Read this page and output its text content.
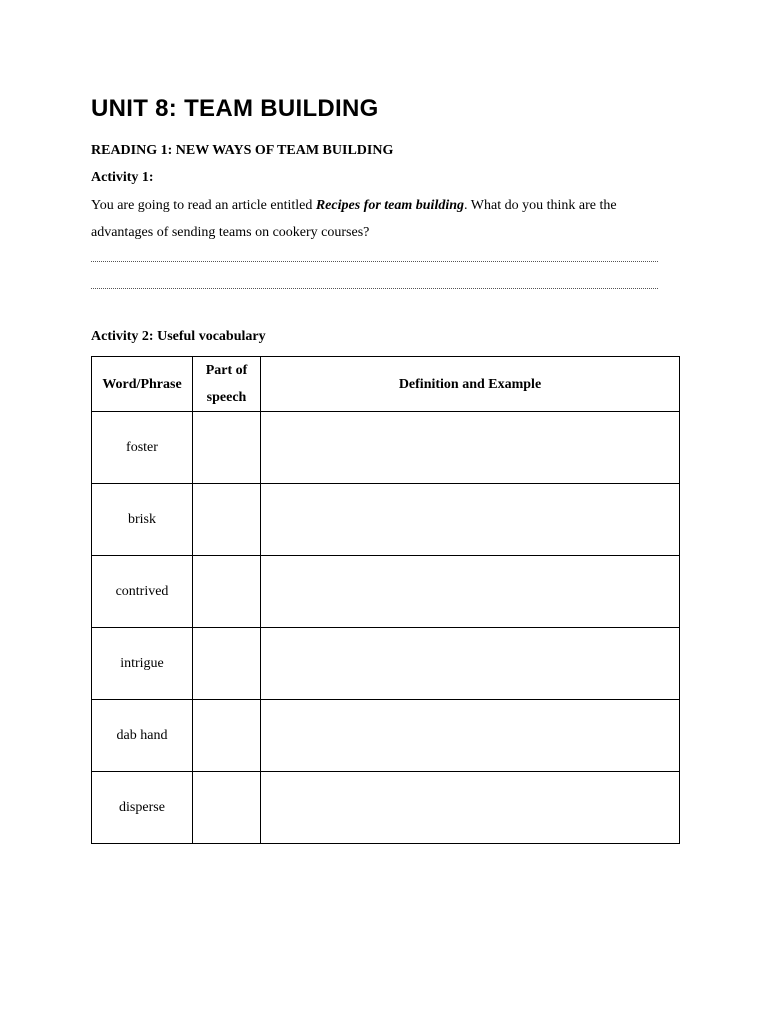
UNIT 8: TEAM BUILDING
READING 1: NEW WAYS OF TEAM BUILDING
Activity 1:

You are going to read an article entitled Recipes for team building. What do you think are the advantages of sending teams on cookery courses?

Activity 2: Useful vocabulary
Word/Phrase	Part of speech	Definition and Example
foster		
brisk		
contrived		
intrigue		
dab hand		
disperse		
